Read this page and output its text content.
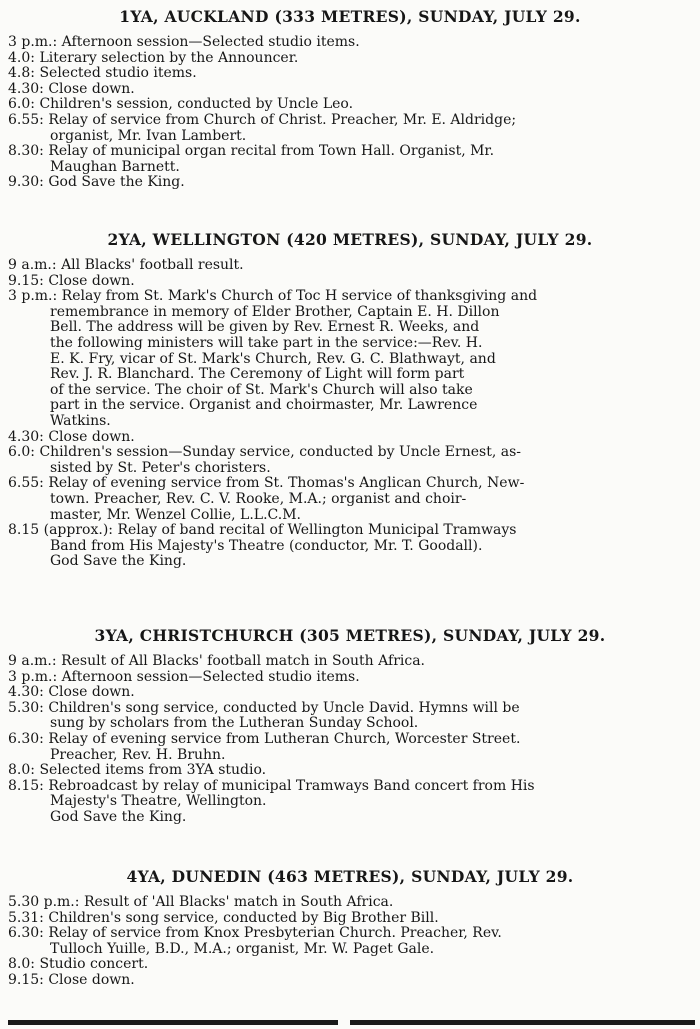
1YA, AUCKLAND (333 METRES), SUNDAY, JULY 29.
3 p.m.: Afternoon session—Selected studio items.
4.0: Literary selection by the Announcer.
4.8: Selected studio items.
4.30: Close down.
6.0: Children's session, conducted by Uncle Leo.
6.55: Relay of service from Church of Christ. Preacher, Mr. E. Aldridge;
organist, Mr. Ivan Lambert.
8.30: Relay of municipal organ recital from Town Hall. Organist, Mr.
Maughan Barnett.
9.30: God Save the King.
2YA, WELLINGTON (420 METRES), SUNDAY, JULY 29.
9 a.m.: All Blacks' football result.
9.15: Close down.
3 p.m.: Relay from St. Mark's Church of Toc H service of thanksgiving and
remembrance in memory of Elder Brother, Captain E. H. Dillon
Bell. The address will be given by Rev. Ernest R. Weeks, and
the following ministers will take part in the service:—Rev. H.
E. K. Fry, vicar of St. Mark's Church, Rev. G. C. Blathwayt, and
Rev. J. R. Blanchard. The Ceremony of Light will form part
of the service. The choir of St. Mark's Church will also take
part in the service. Organist and choirmaster, Mr. Lawrence
Watkins.
4.30: Close down.
6.0: Children's session—Sunday service, conducted by Uncle Ernest, as-
sisted by St. Peter's choristers.
6.55: Relay of evening service from St. Thomas's Anglican Church, New-
town. Preacher, Rev. C. V. Rooke, M.A.; organist and choir-
master, Mr. Wenzel Collie, L.L.C.M.
8.15 (approx.): Relay of band recital of Wellington Municipal Tramways
Band from His Majesty's Theatre (conductor, Mr. T. Goodall).
God Save the King.
3YA, CHRISTCHURCH (305 METRES), SUNDAY, JULY 29.
9 a.m.: Result of All Blacks' football match in South Africa.
3 p.m.: Afternoon session—Selected studio items.
4.30: Close down.
5.30: Children's song service, conducted by Uncle David. Hymns will be
sung by scholars from the Lutheran Sunday School.
6.30: Relay of evening service from Lutheran Church, Worcester Street.
Preacher, Rev. H. Bruhn.
8.0: Selected items from 3YA studio.
8.15: Rebroadcast by relay of municipal Tramways Band concert from His
Majesty's Theatre, Wellington.
God Save the King.
4YA, DUNEDIN (463 METRES), SUNDAY, JULY 29.
5.30 p.m.: Result of 'All Blacks' match in South Africa.
5.31: Children's song service, conducted by Big Brother Bill.
6.30: Relay of service from Knox Presbyterian Church. Preacher, Rev.
Tulloch Yuille, B.D., M.A.; organist, Mr. W. Paget Gale.
8.0: Studio concert.
9.15: Close down.
